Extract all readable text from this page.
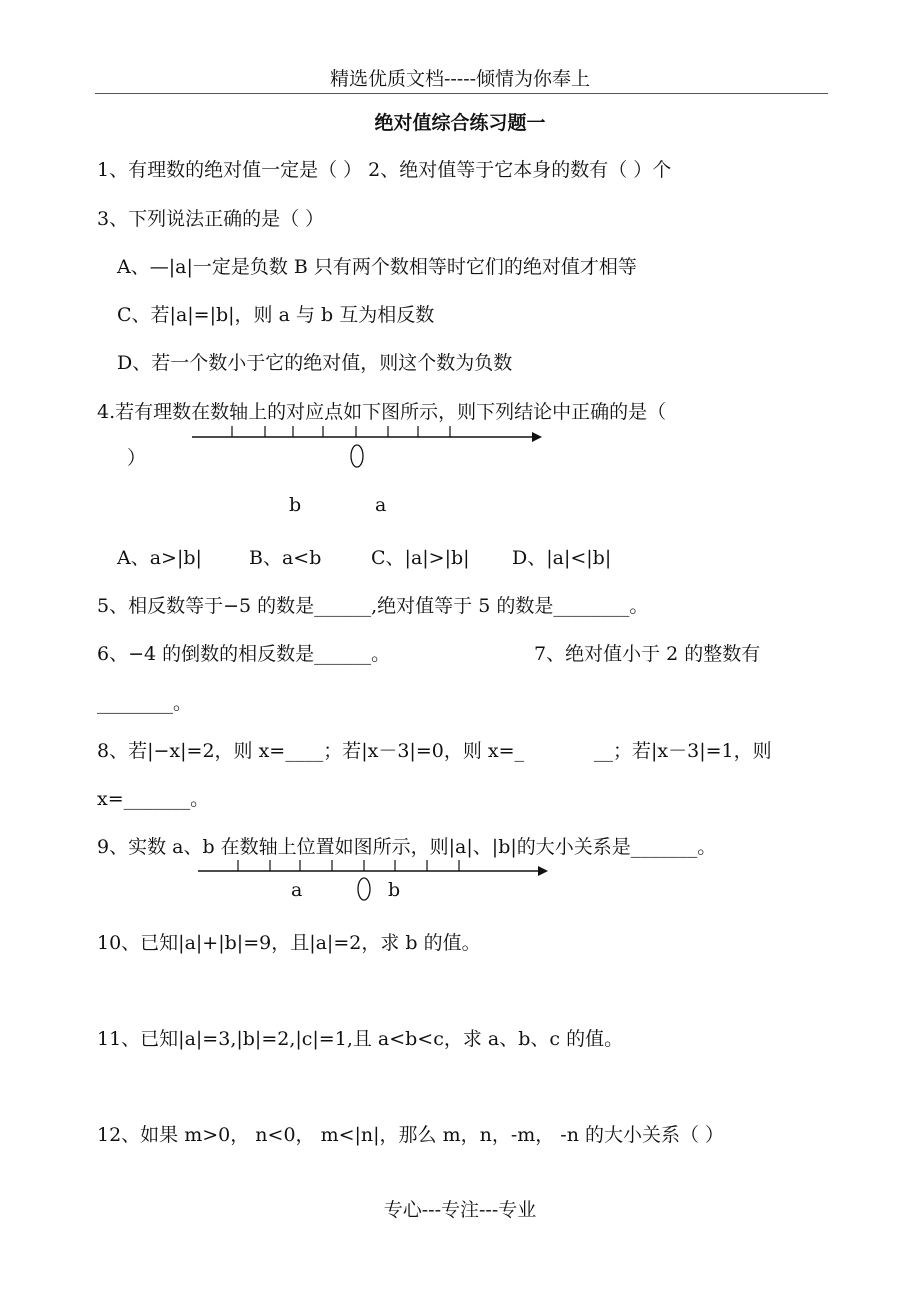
精选优质文档-----倾情为你奉上
绝对值综合练习题一
1、有理数的绝对值一定是（ ） 2、绝对值等于它本身的数有（ ）个
3、下列说法正确的是（ ）
A、—|a|一定是负数 B 只有两个数相等时它们的绝对值才相等
C、若|a|=|b|，则 a 与 b 互为相反数
D、若一个数小于它的绝对值，则这个数为负数
4.若有理数在数轴上的对应点如下图所示，则下列结论中正确的是（
）
b	a
A、a>|b| B、a<b	C、|a|>|b| D、|a|<|b|
5、相反数等于−5 的数是______,绝对值等于 5 的数是________。
6、−4 的倒数的相反数是______。	7、绝对值小于 2 的整数有
________。
8、若|−x|=2，则 x=____；若|x－3|=0，则 x=_	__；若|x－3|=1，则
x=_______。
9、实数 a、b 在数轴上位置如图所示，则|a|、|b|的大小关系是_______。
a	b
10、已知|a|+|b|=9，且|a|=2，求 b 的值。
11、已知|a|=3,|b|=2,|c|=1,且 a<b<c，求 a、b、c 的值。
12、如果 m>0， n<0， m<|n|，那么 m，n，-m， -n 的大小关系（ ）
专心---专注---专业
